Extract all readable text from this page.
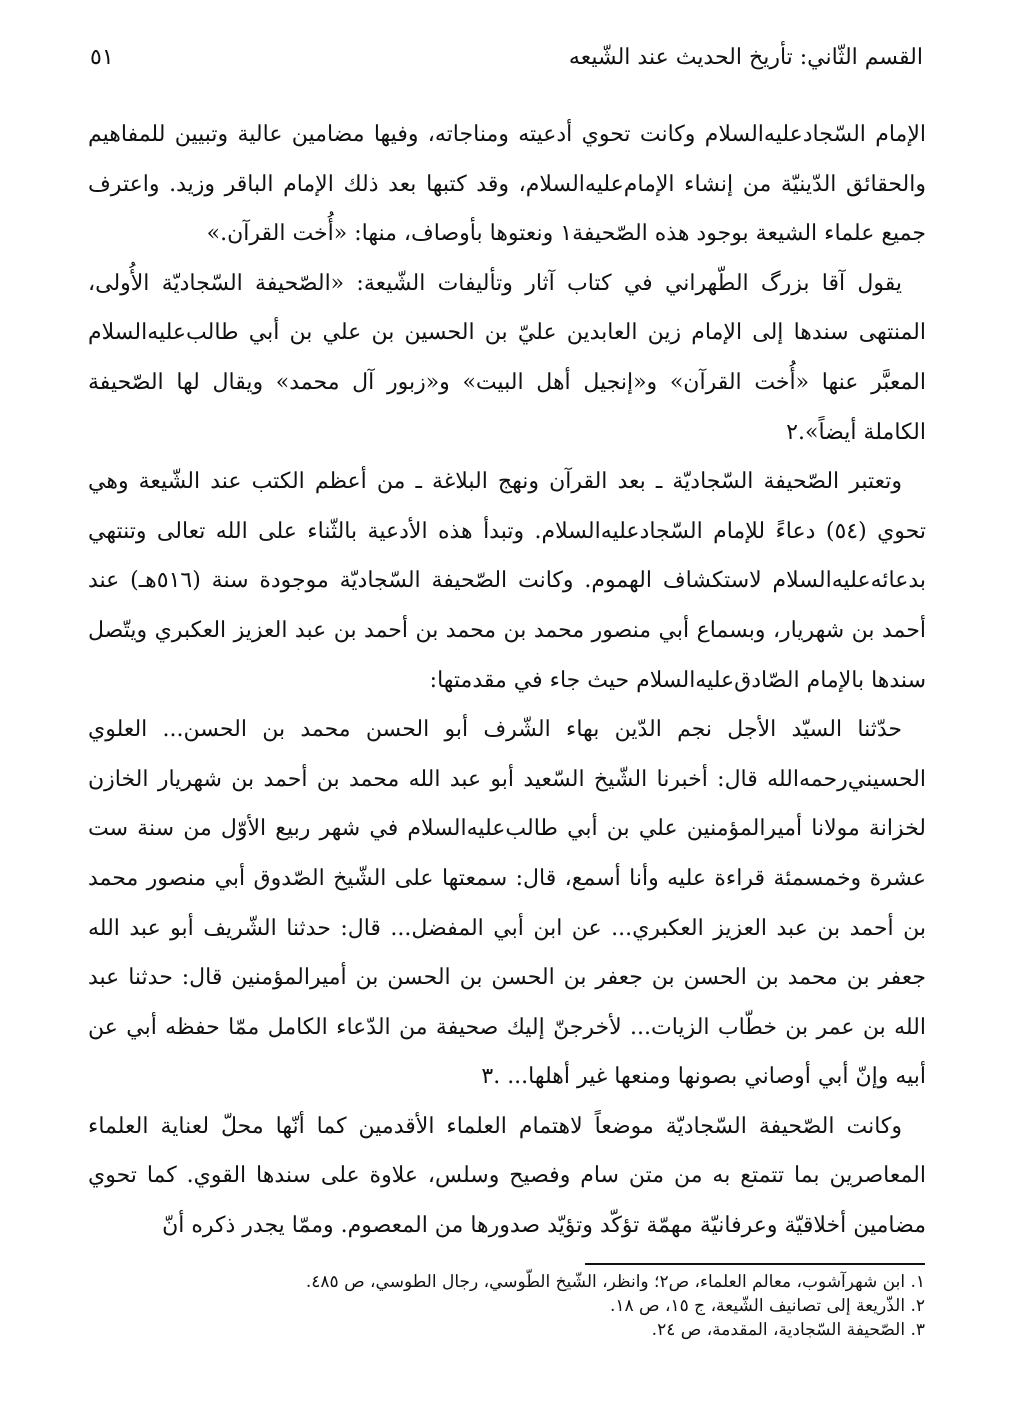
القسم الثّاني: تأريخ الحديث عند الشّيعه
٥١

الإمام السّجاد‌عليه‌السلام وكانت تحوي أدعيته ومناجاته، وفيها مضامين عالية وتبيين للمفاهيم والحقائق الدّينيّة من إنشاء الإمام‌عليه‌السلام، وقد كتبها بعد ذلك الإمام الباقر وزيد. واعترف جميع علماء الشيعة بوجود هذه الصّحيفة١ ونعتوها بأوصاف، منها: «أُخت القرآن.»

يقول آقا بزرگ الطّهراني في كتاب آثار وتأليفات الشّيعة: «الصّحيفة السّجاديّة الأُولى، المنتهى سندها إلى الإمام زين العابدين عليّ بن الحسين بن علي بن أبي طالب‌عليه‌السلام المعبَّر عنها «أُخت القرآن» و«إنجيل أهل البيت» و«زبور آل محمد» ويقال لها الصّحيفة الكاملة أيضاً».٢

وتعتبر الصّحيفة السّجاديّة ـ بعد القرآن ونهج البلاغة ـ من أعظم الكتب عند الشّيعة وهي تحوي (٥٤) دعاءً للإمام السّجاد‌عليه‌السلام. وتبدأ هذه الأدعية بالثّناء على الله تعالى وتنتهي بدعائه‌عليه‌السلام لاستكشاف الهموم. وكانت الصّحيفة السّجاديّة موجودة سنة (٥١٦هـ) عند أحمد بن شهريار، وبسماع أبي منصور محمد بن محمد بن أحمد بن عبد العزيز العكبري ويتّصل سندها بالإمام الصّادق‌عليه‌السلام حيث جاء في مقدمتها:

حدّثنا السيّد الأجل نجم الدّين بهاء الشّرف أبو الحسن محمد بن الحسن... العلوي الحسيني‌رحمه‌الله قال: أخبرنا الشّيخ السّعيد أبو عبد الله محمد بن أحمد بن شهريار الخازن لخزانة مولانا أميرالمؤمنين علي بن أبي طالب‌عليه‌السلام في شهر ربيع الأوّل من سنة ست عشرة وخمسمئة قراءة عليه وأنا أسمع، قال: سمعتها على الشّيخ الصّدوق أبي منصور محمد بن أحمد بن عبد العزيز العكبري... عن ابن أبي المفضل... قال: حدثنا الشّريف أبو عبد الله جعفر بن محمد بن الحسن بن جعفر بن الحسن بن الحسن بن أميرالمؤمنين قال: حدثنا عبد الله بن عمر بن خطّاب الزيات... لأخرجنّ إليك صحيفة من الدّعاء الكامل ممّا حفظه أبي عن أبيه وإنّ أبي أوصاني بصونها ومنعها غير أهلها... .٣

وكانت الصّحيفة السّجاديّة موضعاً لاهتمام العلماء الأقدمين كما أنّها محلّ لعناية العلماء المعاصرين بما تتمتع به من متن سام وفصيح وسلس، علاوة على سندها القوي. كما تحوي مضامين أخلاقيّة وعرفانيّة مهمّة تؤكّد وتؤيّد صدورها من المعصوم. وممّا يجدر ذكره أنّ

١. ابن شهرآشوب، معالم العلماء، ص٢؛ وانظر، الشّيخ الطّوسي، رجال الطوسي، ص ٤٨٥.

٢. الذّريعة إلى تصانيف الشّيعة، ج ١٥، ص ١٨.

٣. الصّحيفة السّجادية، المقدمة، ص ٢٤.
